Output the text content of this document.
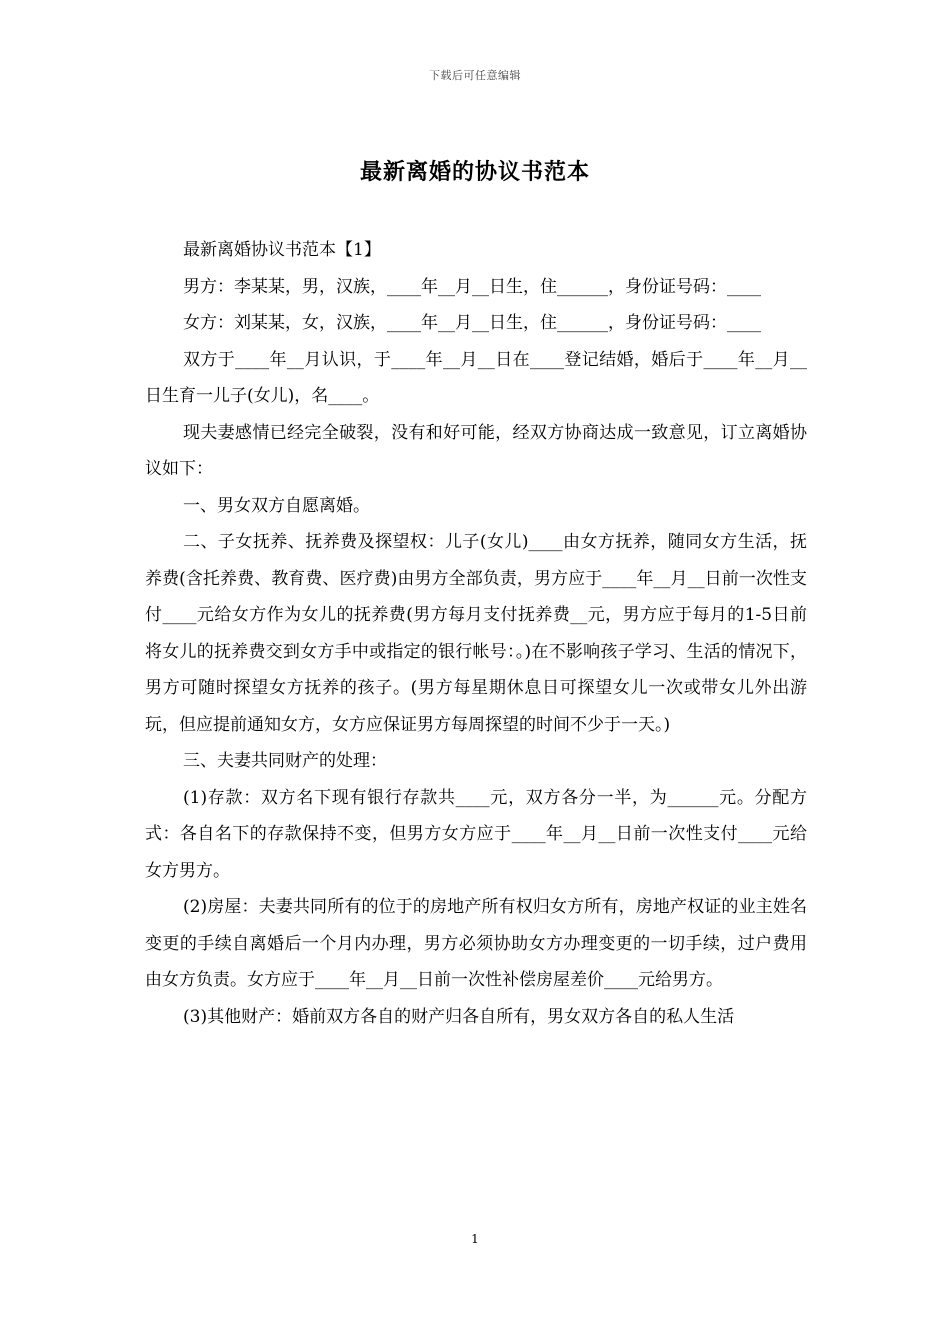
下载后可任意编辑
最新离婚的协议书范本

最新离婚协议书范本【1】

男方：李某某，男，汉族，____年__月__日生，住______，身份证号码：____

女方：刘某某，女，汉族，____年__月__日生，住______，身份证号码：____

双方于____年__月认识，于____年__月__日在____登记结婚，婚后于____年__月__日生育一儿子(女儿)，名____。

现夫妻感情已经完全破裂，没有和好可能，经双方协商达成一致意见，订立离婚协议如下：

一、男女双方自愿离婚。

二、子女抚养、抚养费及探望权：儿子(女儿)____由女方抚养，随同女方生活，抚养费(含托养费、教育费、医疗费)由男方全部负责，男方应于____年__月__日前一次性支付____元给女方作为女儿的抚养费(男方每月支付抚养费__元，男方应于每月的1-5日前将女儿的抚养费交到女方手中或指定的银行帐号：。)在不影响孩子学习、生活的情况下，男方可随时探望女方抚养的孩子。(男方每星期休息日可探望女儿一次或带女儿外出游玩，但应提前通知女方，女方应保证男方每周探望的时间不少于一天。)

三、夫妻共同财产的处理：

(1)存款：双方名下现有银行存款共____元，双方各分一半，为______元。分配方式：各自名下的存款保持不变，但男方女方应于____年__月__日前一次性支付____元给女方男方。

(2)房屋：夫妻共同所有的位于的房地产所有权归女方所有，房地产权证的业主姓名变更的手续自离婚后一个月内办理，男方必须协助女方办理变更的一切手续，过户费用由女方负责。女方应于____年__月__日前一次性补偿房屋差价____元给男方。

(3)其他财产：婚前双方各自的财产归各自所有，男女双方各自的私人生活

1
